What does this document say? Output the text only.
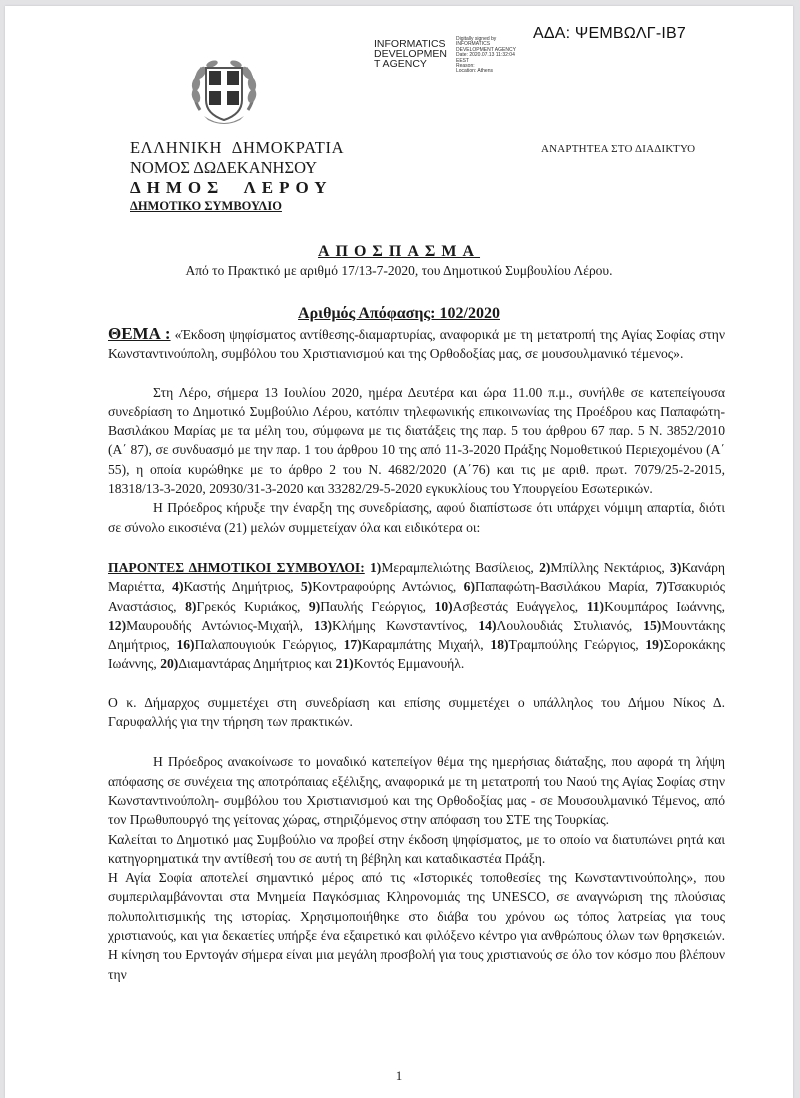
ΑΔΑ: ΨΕΜΒΩΛΓ-ΙΒ7
INFORMATICS
DEVELOPMEN
T AGENCY
Digitally signed by
INFORMATICS
DEVELOPMENT AGENCY
Date: 2020.07.13 11:32:04
EEST
Reason:
Location: Athens
ΕΛΛΗΝΙΚΗ ΔΗΜΟΚΡΑΤΙΑ
ΝΟΜΟΣ ΔΩΔΕΚΑΝΗΣΟΥ
ΔΗΜΟΣ ΛΕΡΟΥ
ΔΗΜΟΤΙΚΟ ΣΥΜΒΟΥΛΙΟ
ΑΝΑΡΤΗΤΕΑ ΣΤΟ ΔΙΑΔΙΚΤΥΟ
ΑΠΟΣΠΑΣΜΑ
Από το Πρακτικό με αριθμό 17/13-7-2020, του Δημοτικού Συμβουλίου Λέρου.
Αριθμός Απόφασης: 102/2020

ΘΕΜΑ : «Έκδοση ψηφίσματος αντίθεσης-διαμαρτυρίας, αναφορικά με τη μετατροπή της Αγίας Σοφίας στην Κωνσταντινούπολη, συμβόλου του Χριστιανισμού και της Ορθοδοξίας μας, σε μουσουλμανικό τέμενος».

Στη Λέρο, σήμερα 13 Ιουλίου 2020, ημέρα Δευτέρα και ώρα 11.00 π.μ., συνήλθε σε κατεπείγουσα συνεδρίαση το Δημοτικό Συμβούλιο Λέρου, κατόπιν τηλεφωνικής επικοινωνίας της Προέδρου κας Παπαφώτη-Βασιλάκου Μαρίας με τα μέλη του, σύμφωνα με τις διατάξεις της παρ. 5 του άρθρου 67 παρ. 5 Ν. 3852/2010 (Α΄ 87), σε συνδυασμό με την παρ. 1 του άρθρου 10 της από 11-3-2020 Πράξης Νομοθετικού Περιεχομένου (Α΄ 55), η οποία κυρώθηκε με το άρθρο 2 του Ν. 4682/2020 (Α΄76) και τις με αριθ. πρωτ. 7079/25-2-2015, 18318/13-3-2020, 20930/31-3-2020 και 33282/29-5-2020 εγκυκλίους του Υπουργείου Εσωτερικών.

Η Πρόεδρος κήρυξε την έναρξη της συνεδρίασης, αφού διαπίστωσε ότι υπάρχει νόμιμη απαρτία, διότι σε σύνολο εικοσιένα (21) μελών συμμετείχαν όλα και ειδικότερα οι:

ΠΑΡΟΝΤΕΣ ΔΗΜΟΤΙΚΟΙ ΣΥΜΒΟΥΛΟΙ: 1)Μεραμπελιώτης Βασίλειος, 2)Μπίλλης Νεκτάριος, 3)Κανάρη Μαριέττα, 4)Καστής Δημήτριος, 5)Κοντραφούρης Αντώνιος, 6)Παπαφώτη-Βασιλάκου Μαρία, 7)Τσακυριός Αναστάσιος, 8)Γρεκός Κυριάκος, 9)Παυλής Γεώργιος, 10)Ασβεστάς Ευάγγελος, 11)Κουμπάρος Ιωάννης, 12)Μαυρουδής Αντώνιος-Μιχαήλ, 13)Κλήμης Κωνσταντίνος, 14)Λουλουδιάς Στυλιανός, 15)Μουντάκης Δημήτριος, 16)Παλαπουγιούκ Γεώργιος, 17)Καραμπάτης Μιχαήλ, 18)Τραμπούλης Γεώργιος, 19)Σοροκάκης Ιωάννης, 20)Διαμαντάρας Δημήτριος και 21)Κοντός Εμμανουήλ.

Ο κ. Δήμαρχος συμμετέχει στη συνεδρίαση και επίσης συμμετέχει ο υπάλληλος του Δήμου Νίκος Δ. Γαρυφαλλής για την τήρηση των πρακτικών.

Η Πρόεδρος ανακοίνωσε το μοναδικό κατεπείγον θέμα της ημερήσιας διάταξης, που αφορά τη λήψη απόφασης σε συνέχεια της αποτρόπαιας εξέλιξης, αναφορικά με τη μετατροπή του Ναού της Αγίας Σοφίας στην Κωνσταντινούπολη- συμβόλου του Χριστιανισμού και της Ορθοδοξίας μας - σε Μουσουλμανικό Τέμενος, από τον Πρωθυπουργό της γείτονας χώρας, στηριζόμενος στην απόφαση του ΣΤΕ της Τουρκίας.

Καλείται το Δημοτικό μας Συμβούλιο να προβεί στην έκδοση ψηφίσματος, με το οποίο να διατυπώνει ρητά και κατηγορηματικά την αντίθεσή του σε αυτή τη βέβηλη και καταδικαστέα Πράξη.

Η Αγία Σοφία αποτελεί σημαντικό μέρος από τις «Ιστορικές τοποθεσίες της Κωνσταντινούπολης», που συμπεριλαμβάνονται στα Μνημεία Παγκόσμιας Κληρονομιάς της UNESCO, σε αναγνώριση της πλούσιας πολυπολιτισμικής της ιστορίας. Χρησιμοποιήθηκε στο διάβα του χρόνου ως τόπος λατρείας για τους χριστιανούς, και για δεκαετίες υπήρξε ένα εξαιρετικό και φιλόξενο κέντρο για ανθρώπους όλων των θρησκειών. Η κίνηση του Ερντογάν σήμερα είναι μια μεγάλη προσβολή για τους χριστιανούς σε όλο τον κόσμο που βλέπουν την

1
